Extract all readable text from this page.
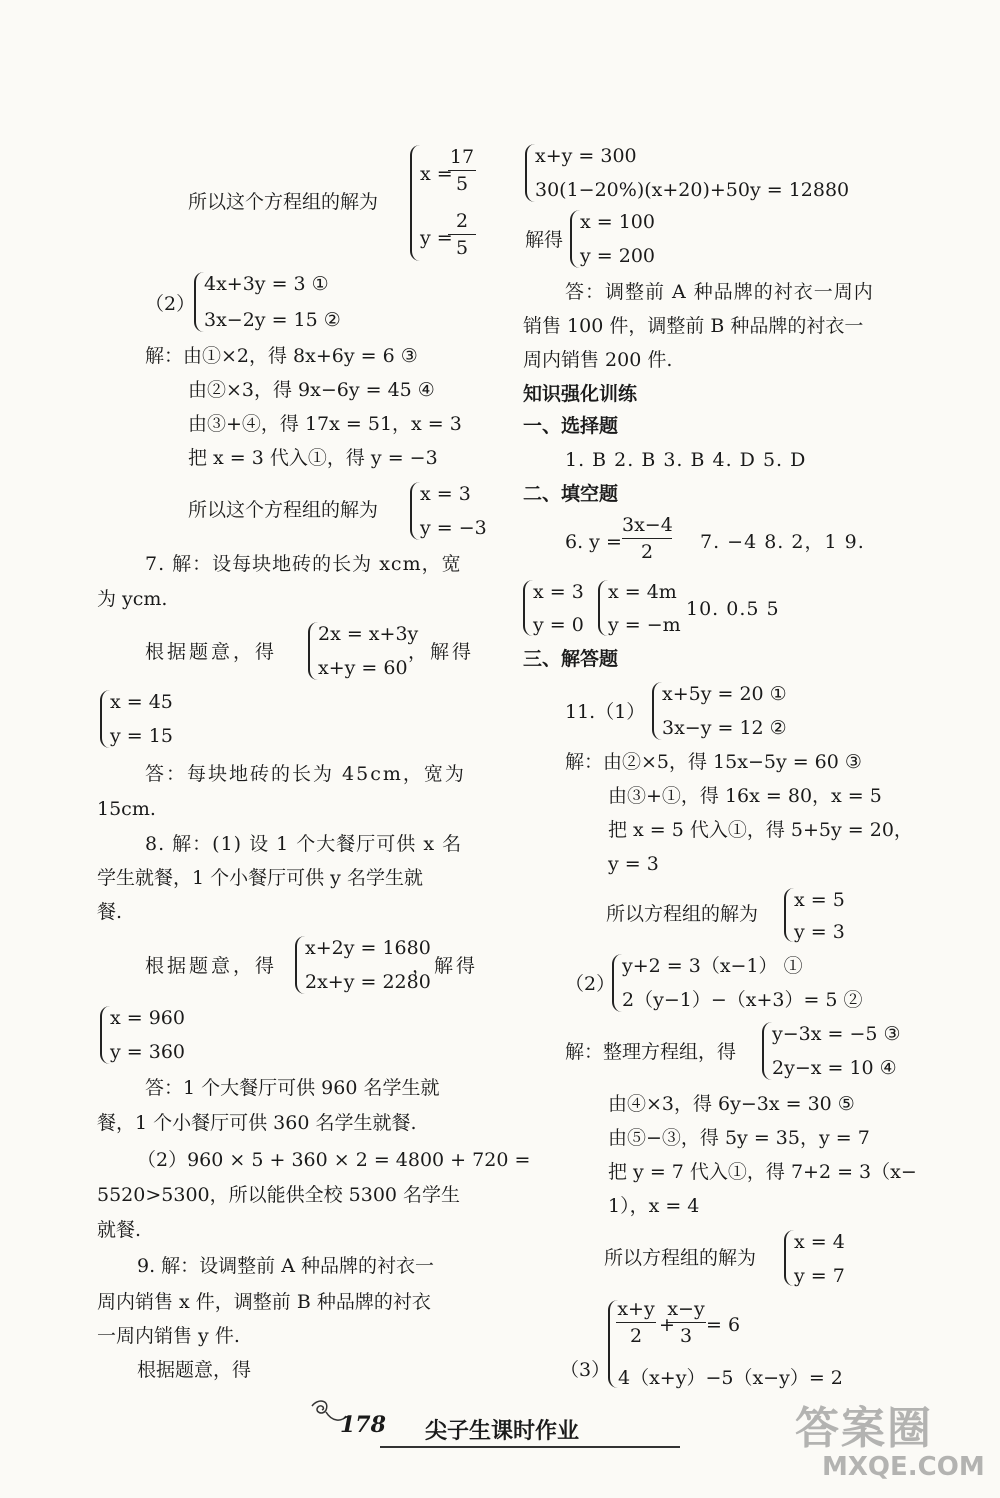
所以这个方程组的解为
x =
17
5
y =
2
5
（2）
4x+3y = 3 ①
3x−2y = 15 ②
解：由①×2，得 8x+6y = 6 ③
由②×3，得 9x−6y = 45 ④
由③+④，得 17x = 51，x = 3
把 x = 3 代入①，得 y = −3
所以这个方程组的解为
x = 3
y = −3
7. 解：设每块地砖的长为 xcm，宽
为 ycm.
根据题意，得
2x = x+3y
x+y = 60
，解得
x = 45
y = 15
答：每块地砖的长为 45cm，宽为
15cm.
8. 解：(1) 设 1 个大餐厅可供 x 名
学生就餐，1 个小餐厅可供 y 名学生就
餐.
根据题意，得
x+2y = 1680
2x+y = 2280
，解得
x = 960
y = 360
答：1 个大餐厅可供 960 名学生就
餐，1 个小餐厅可供 360 名学生就餐.
（2）960 × 5 + 360 × 2 = 4800 + 720 =
5520>5300，所以能供全校 5300 名学生
就餐.
9. 解：设调整前 A 种品牌的衬衣一
周内销售 x 件，调整前 B 种品牌的衬衣
一周内销售 y 件.
根据题意，得
x+y = 300
30(1−20%)(x+20)+50y = 12880
解得
x = 100
y = 200
答：调整前 A 种品牌的衬衣一周内
销售 100 件，调整前 B 种品牌的衬衣一
周内销售 200 件.
知识强化训练
一、选择题
1. B 2. B 3. B 4. D 5. D
二、填空题
6. y =
3x−4
2	7. −4 8. 2，1 9.
x = 3
y = 0
x = 4m
y = −m
10. 0.5 5
三、解答题
11.（1）
x+5y = 20 ①
3x−y = 12 ②
解：由②×5，得 15x−5y = 60 ③
由③+①，得 16x = 80，x = 5
把 x = 5 代入①，得 5+5y = 20，
y = 3
所以方程组的解为
x = 5
y = 3
（2）
y+2 = 3（x−1） ①
2（y−1）−（x+3）= 5 ②
解：整理方程组，得
y−3x = −5 ③
2y−x = 10 ④
由④×3，得 6y−3x = 30 ⑤
由⑤−③，得 5y = 35，y = 7
把 y = 7 代入①，得 7+2 = 3（x−
1），x = 4
所以方程组的解为
x = 4
y = 7
（3）
x+y
2 +
x−y
3 = 6
4（x+y）−5（x−y）= 2
178 尖子生课时作业	答案圈
MXQE.COM
